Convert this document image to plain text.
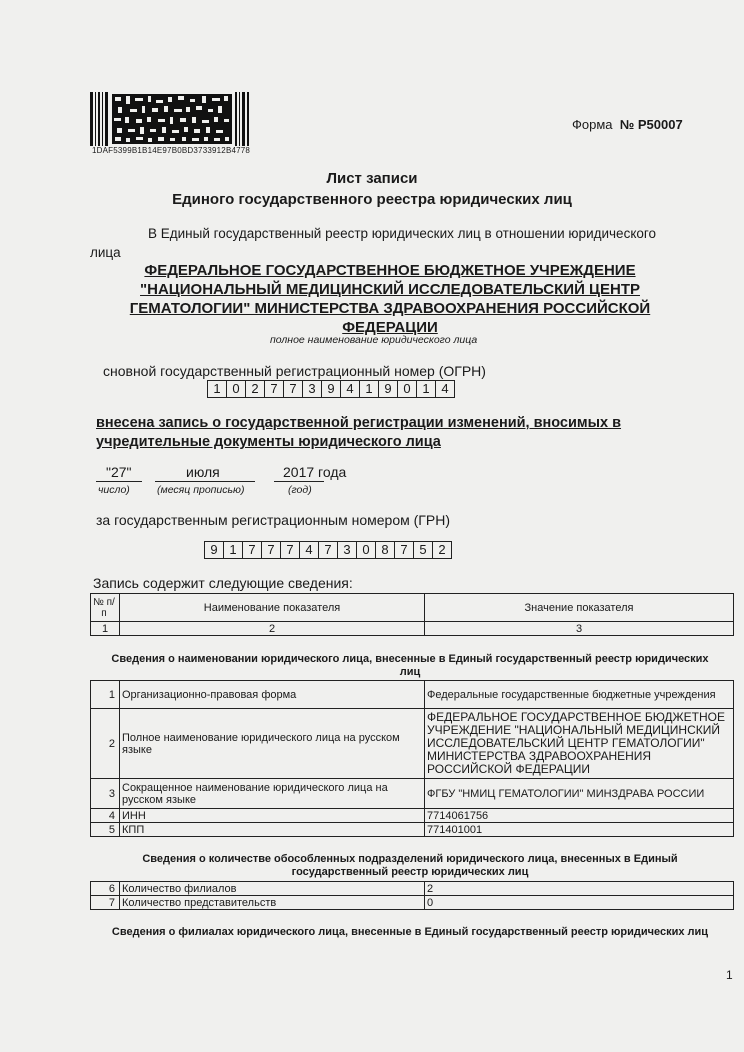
1DAF5399B1B14E97B0BD3733912B4778
Форма № Р50007
Лист записи
Единого государственного реестра юридических лиц
В Единый государственный реестр юридических лиц в отношении юридического
лица
ФЕДЕРАЛЬНОЕ ГОСУДАРСТВЕННОЕ БЮДЖЕТНОЕ УЧРЕЖДЕНИЕ
"НАЦИОНАЛЬНЫЙ МЕДИЦИНСКИЙ ИССЛЕДОВАТЕЛЬСКИЙ ЦЕНТР
ГЕМАТОЛОГИИ" МИНИСТЕРСТВА ЗДРАВООХРАНЕНИЯ РОССИЙСКОЙ
ФЕДЕРАЦИИ
полное наименование юридического лица
сновной государственный регистрационный номер (ОГРН)
1 0 2 7 7 3 9 4 1 9 0 1 4
внесена запись о государственной регистрации изменений, вносимых в
учредительные документы юридического лица
"27"	июля	2017 года
число)	(месяц прописью)	(год)
за государственным регистрационным номером (ГРН)
9 1 7 7 7 4 7 3 0 8 7 5 2
Запись содержит следующие сведения:
№ п/п	Наименование показателя	Значение показателя
1	2	3
Сведения о наименовании юридического лица, внесенные в Единый государственный реестр юридических лиц
1	Организационно-правовая форма	Федеральные государственные бюджетные учреждения
2	Полное наименование юридического лица на русском языке	ФЕДЕРАЛЬНОЕ ГОСУДАРСТВЕННОЕ БЮДЖЕТНОЕ УЧРЕЖДЕНИЕ "НАЦИОНАЛЬНЫЙ МЕДИЦИНСКИЙ ИССЛЕДОВАТЕЛЬСКИЙ ЦЕНТР ГЕМАТОЛОГИИ" МИНИСТЕРСТВА ЗДРАВООХРАНЕНИЯ РОССИЙСКОЙ ФЕДЕРАЦИИ
3	Сокращенное наименование юридического лица на русском языке	ФГБУ "НМИЦ ГЕМАТОЛОГИИ" МИНЗДРАВА РОССИИ
4	ИНН	7714061756
5	КПП	771401001
Сведения о количестве обособленных подразделений юридического лица, внесенных в Единый государственный реестр юридических лиц
6	Количество филиалов	2
7	Количество представительств	0
Сведения о филиалах юридического лица, внесенные в Единый государственный реестр юридических лиц
1
